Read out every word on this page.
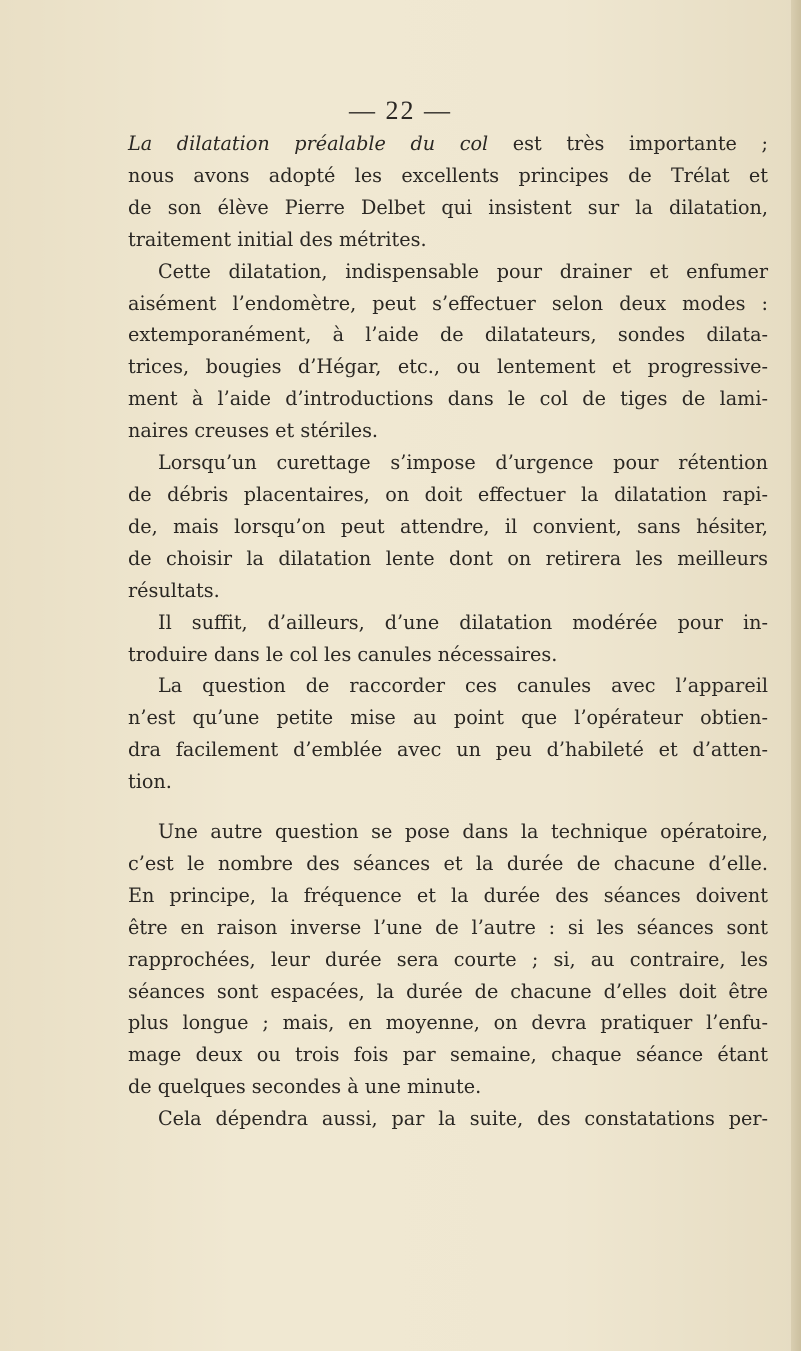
— 22 —
La dilatation préalable du col est très importante ;
nous avons adopté les excellents principes de Trélat et
de son élève Pierre Delbet qui insistent sur la dilatation,
traitement initial des métrites.
Cette dilatation, indispensable pour drainer et enfumer
aisément l’endomètre, peut s’effectuer selon deux modes :
extemporanément, à l’aide de dilatateurs, sondes dilata-
trices, bougies d’Hégar, etc., ou lentement et progressive-
ment à l’aide d’introductions dans le col de tiges de lami-
naires creuses et stériles.
Lorsqu’un curettage s’impose d’urgence pour rétention
de débris placentaires, on doit effectuer la dilatation rapi-
de, mais lorsqu’on peut attendre, il convient, sans hésiter,
de choisir la dilatation lente dont on retirera les meilleurs
résultats.
Il suffit, d’ailleurs, d’une dilatation modérée pour in-
troduire dans le col les canules nécessaires.
La question de raccorder ces canules avec l’appareil
n’est qu’une petite mise au point que l’opérateur obtien-
dra facilement d’emblée avec un peu d’habileté et d’atten-
tion.
Une autre question se pose dans la technique opératoire,
c’est le nombre des séances et la durée de chacune d’elle.
En principe, la fréquence et la durée des séances doivent
être en raison inverse l’une de l’autre : si les séances sont
rapprochées, leur durée sera courte ; si, au contraire, les
séances sont espacées, la durée de chacune d’elles doit être
plus longue ; mais, en moyenne, on devra pratiquer l’enfu-
mage deux ou trois fois par semaine, chaque séance étant
de quelques secondes à une minute.
Cela dépendra aussi, par la suite, des constatations per-
